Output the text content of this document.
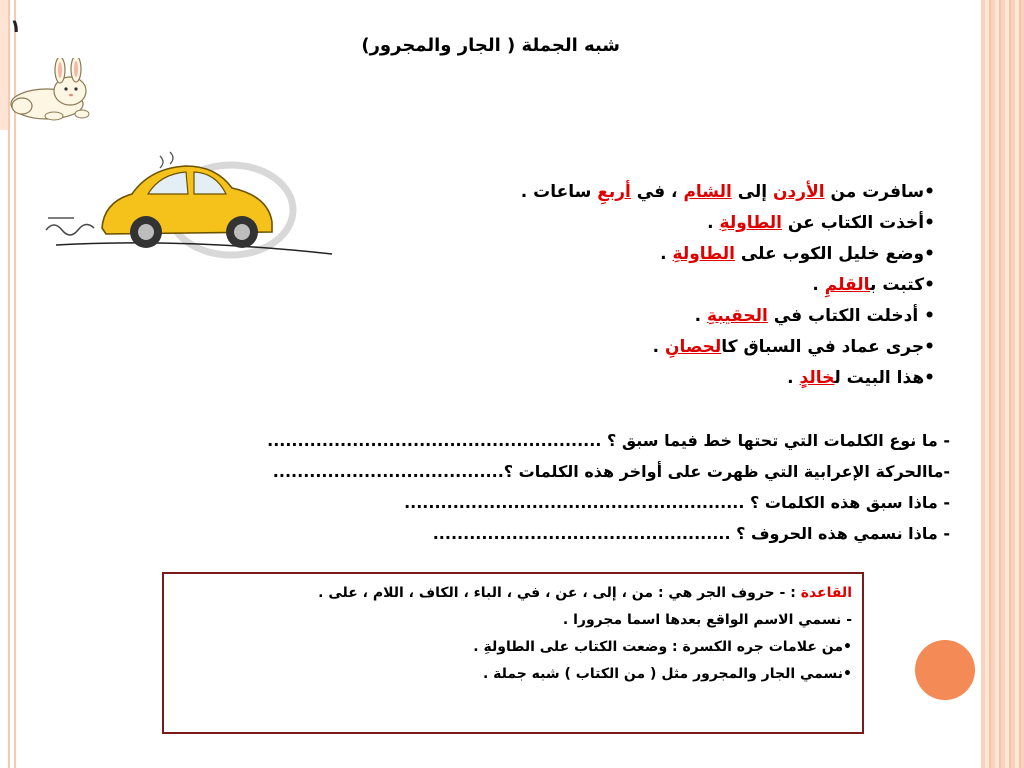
١
شبه الجملة ( الجار والمجرور)
•سافرت من الأردن إلى الشام ، في أربعِ ساعات .
•أخذت الكتاب عن الطاولةِ .
•وضع خليل الكوب على الطاولةِ .
•كتبت بالقلمِ .
• أدخلت الكتاب في الحقيبةِ .
•جرى عماد في السباق كالحصانِ .
•هذا البيت لخالدٍ .
- ما نوع الكلمات التي تحتها خط فيما سبق ؟ .......................................................
-ماالحركة الإعرابية التي ظهرت على أواخر هذه الكلمات ؟......................................
- ماذا سبق هذه الكلمات ؟ ........................................................
- ماذا نسمي هذه الحروف ؟ .................................................
القاعدة : - حروف الجر هي : من ، إلى ، عن ، في ، الباء ، الكاف ، اللام ، على .
- نسمي الاسم الواقع بعدها اسما مجرورا .
•من علامات جره الكسرة : وضعت الكتاب على الطاولةِ .
•نسمي الجار والمجرور مثل ( من الكتاب ) شبه جملة .
